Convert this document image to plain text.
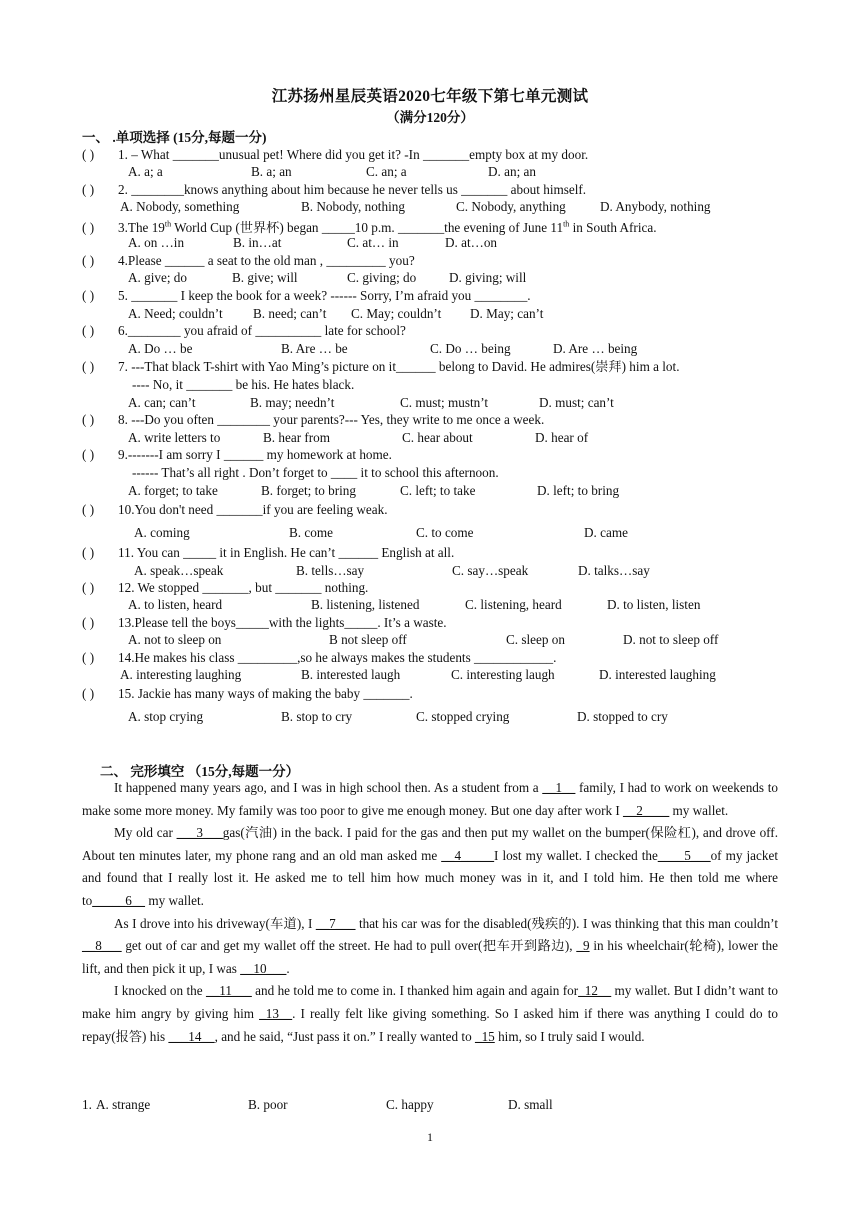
江苏扬州星辰英语2020七年级下第七单元测试
（满分120分）
一、 .单项选择 (15分,每题一分)
( ) 1. – What _______unusual pet! Where did you get it? -In _______empty box at my door.
A. a; a	B. a; an	C. an; a	D. an; an
( ) 2. ________knows anything about him because he never tells us _______ about himself.
A. Nobody, something	B. Nobody, nothing	C. Nobody, anything	D. Anybody, nothing
( ) 3.The 19th World Cup (世界杯) began _____10 p.m. _______the evening of June 11th in South Africa.
A. on …in	B. in…at	C. at… in	D. at…on
( ) 4.Please ______ a seat to the old man , _________ you?
A. give; do	B. give; will	C. giving; do D. giving; will
( ) 5. _______ I keep the book for a week? ------ Sorry, I’m afraid you ________.
A. Need; couldn’t B. need; can’t C. May; couldn’t D. May; can’t
( ) 6.________ you afraid of __________ late for school?
A. Do … be	B. Are … be	C. Do … being	D. Are … being
( ) 7. ---That black T-shirt with Yao Ming’s picture on it______ belong to David. He admires(崇拜) him a lot.
---- No, it _______ be his. He hates black.
A. can; can’t	B. may; needn’t	C. must; mustn’t	D. must; can’t
( ) 8. ---Do you often ________ your parents?--- Yes, they write to me once a week.
A. write letters to	B. hear from	C. hear about	D. hear of
( ) 9.-------I am sorry I ______ my homework at home.
------ That’s all right . Don’t forget to ____ it to school this afternoon.
A. forget; to take	B. forget; to bring	C. left; to take	D. left; to bring
( ) 10.You don't need _______if you are feeling weak.
A. coming	B. come	C. to come	D. came
( ) 11. You can _____ it in English. He can’t ______ English at all.
A. speak…speak	B. tells…say	C. say…speak	D. talks…say
( ) 12. We stopped _______, but _______ nothing.
A. to listen, heard	B. listening, listened	C. listening, heard	D. to listen, listen
( ) 13.Please tell the boys_____with the lights_____. It’s a waste.
A. not to sleep on	B not sleep off	C. sleep on	D. not to sleep off
( ) 14.He makes his class _________,so he always makes the students ____________.
A. interesting laughing	B. interested laugh	C. interesting laugh	D. interested laughing
( ) 15. Jackie has many ways of making the baby _______.
A. stop crying	B. stop to cry	C. stopped crying	D. stopped to cry
二、 完形填空 （15分,每题一分）

It happened many years ago, and I was in high school then. As a student from a __1__ family, I had to work on weekends to make some more money. My family was too poor to give me enough money. But one day after work I __2____ my wallet.

My old car ___3___gas(汽油) in the back. I paid for the gas and then put my wallet on the bumper(保险杠), and drove off. About ten minutes later, my phone rang and an old man asked me __4_____I lost my wallet. I checked the____5___of my jacket and found that I really lost it. He asked me to tell him how much money was in it, and I told him. He then told me where to_____6__ my wallet.

As I drove into his driveway(车道), I __7___ that his car was for the disabled(残疾的). I was thinking that this man couldn’t __8___ get out of car and get my wallet off the street. He had to pull over(把车开到路边), _9 in his wheelchair(轮椅), lower the lift, and then pick it up, I was __10___.

I knocked on the __11___ and he told me to come in. I thanked him again and again for_12__ my wallet. But I didn’t want to make him angry by giving him _13__. I really felt like giving something. So I asked him if there was anything I could do to repay(报答) his ___14__, and he said, “Just pass it on.” I really wanted to _15 him, so I truly said I would.

1. A. strange	B. poor	C. happy	D. small
1
